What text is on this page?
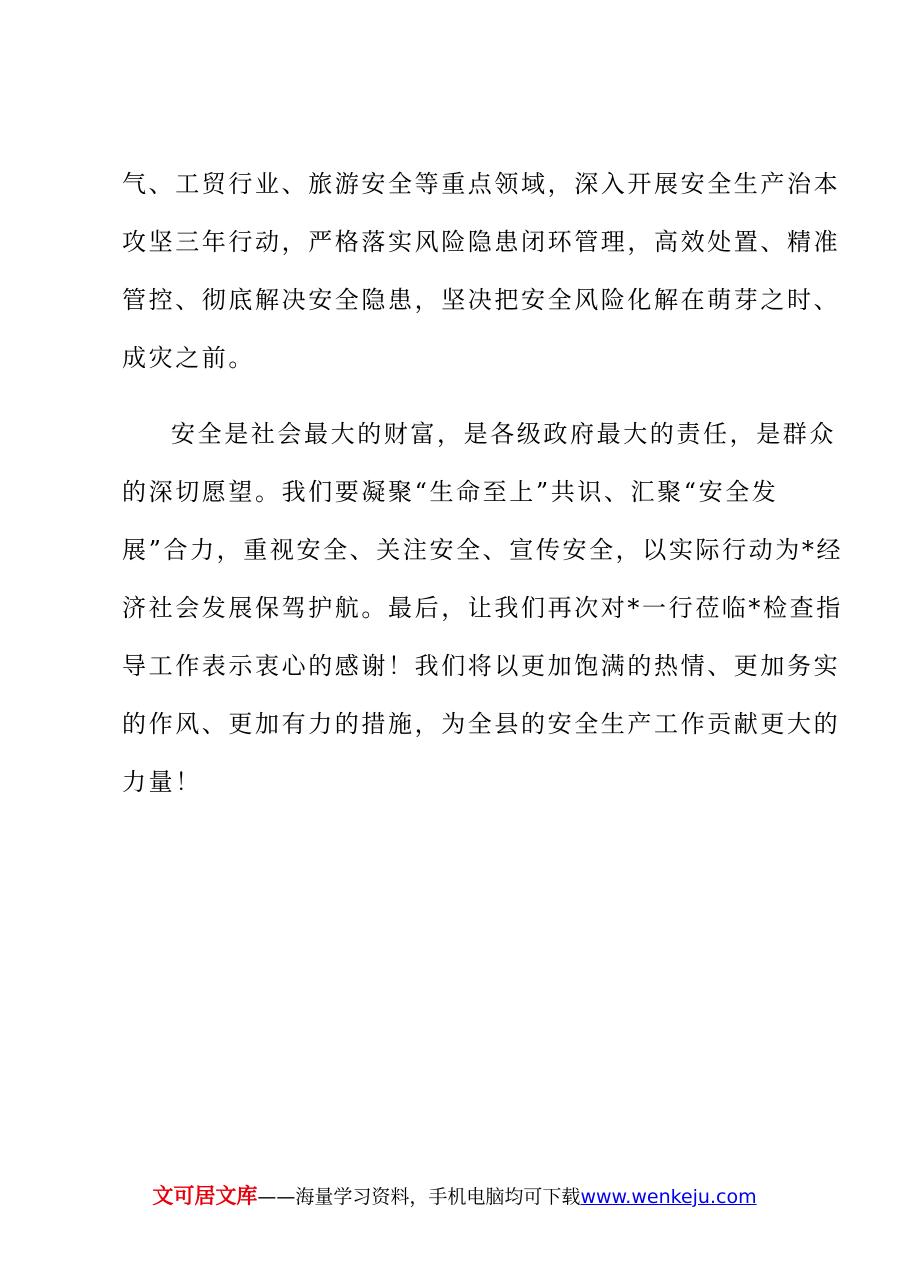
气、工贸行业、旅游安全等重点领域，深入开展安全生产治本
攻坚三年行动，严格落实风险隐患闭环管理，高效处置、精准
管控、彻底解决安全隐患，坚决把安全风险化解在萌芽之时、
成灾之前。
安全是社会最大的财富，是各级政府最大的责任，是群众
的深切愿望。我们要凝聚“生命至上”共识、汇聚“安全发
展”合力，重视安全、关注安全、宣传安全，以实际行动为*经
济社会发展保驾护航。最后，让我们再次对*一行莅临*检查指
导工作表示衷心的感谢！我们将以更加饱满的热情、更加务实
的作风、更加有力的措施，为全县的安全生产工作贡献更大的
力量！
文可居文库——海量学习资料，手机电脑均可下载www.wenkeju.com
